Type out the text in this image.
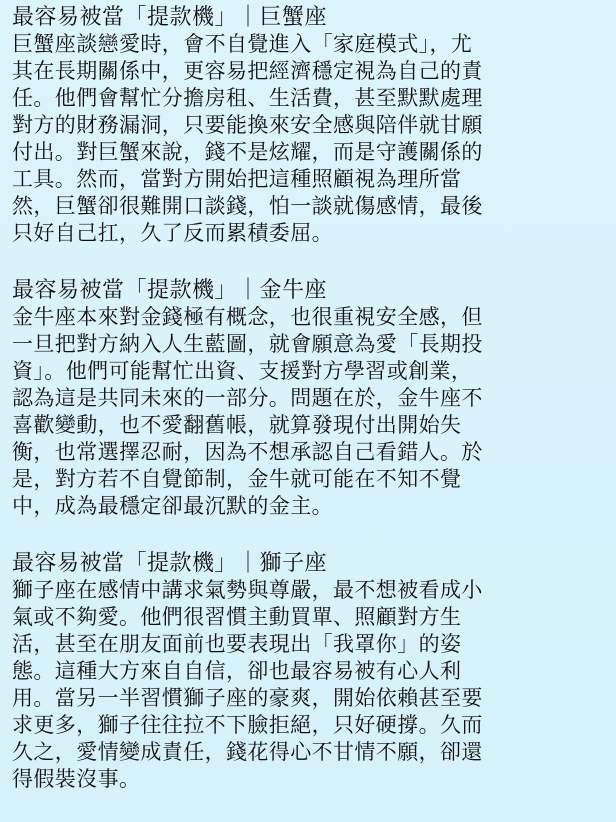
最容易被當「提款機」｜巨蟹座
巨蟹座談戀愛時，會不自覺進入「家庭模式」，尤
其在長期關係中，更容易把經濟穩定視為自己的責
任。他們會幫忙分擔房租、生活費，甚至默默處理
對方的財務漏洞，只要能換來安全感與陪伴就甘願
付出。對巨蟹來說，錢不是炫耀，而是守護關係的
工具。然而，當對方開始把這種照顧視為理所當
然，巨蟹卻很難開口談錢，怕一談就傷感情，最後
只好自己扛，久了反而累積委屈。
最容易被當「提款機」｜金牛座
金牛座本來對金錢極有概念，也很重視安全感，但
一旦把對方納入人生藍圖，就會願意為愛「長期投
資」。他們可能幫忙出資、支援對方學習或創業，
認為這是共同未來的一部分。問題在於，金牛座不
喜歡變動，也不愛翻舊帳，就算發現付出開始失
衡，也常選擇忍耐，因為不想承認自己看錯人。於
是，對方若不自覺節制，金牛就可能在不知不覺
中，成為最穩定卻最沉默的金主。
最容易被當「提款機」｜獅子座
獅子座在感情中講求氣勢與尊嚴，最不想被看成小
氣或不夠愛。他們很習慣主動買單、照顧對方生
活，甚至在朋友面前也要表現出「我罩你」的姿
態。這種大方來自自信，卻也最容易被有心人利
用。當另一半習慣獅子座的豪爽，開始依賴甚至要
求更多，獅子往往拉不下臉拒絕，只好硬撐。久而
久之，愛情變成責任，錢花得心不甘情不願，卻還
得假裝沒事。
